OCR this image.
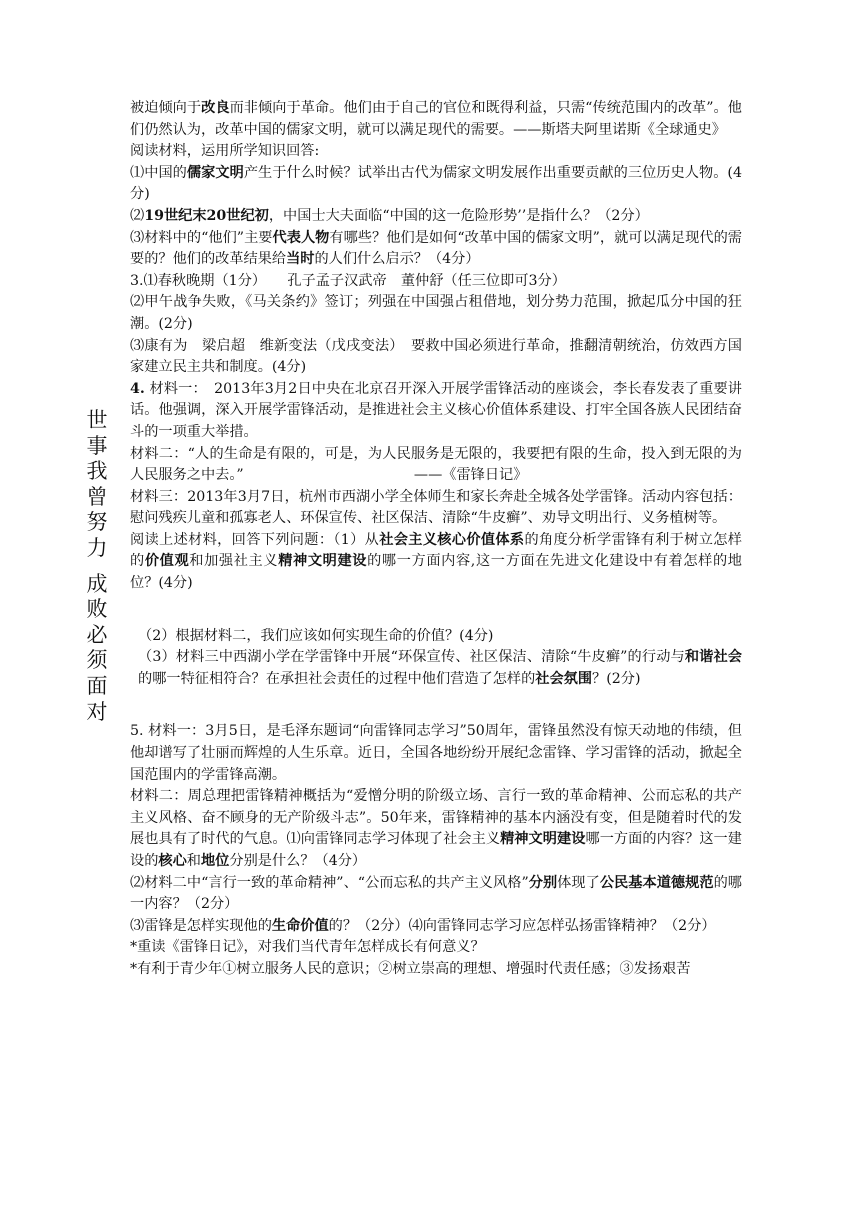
世
事
我
曾
努
力
成
败
必
须
面
对

被迫倾向于改良而非倾向于革命。他们由于自己的官位和既得利益，只需“传统范围内的改革”。他们仍然认为，改革中国的儒家文明，就可以满足现代的需要。——斯塔夫阿里诺斯《全球通史》

阅读材料，运用所学知识回答:

⑴中国的儒家文明产生于什么时候？试举出古代为儒家文明发展作出重要贡献的三位历史人物。(4分)

⑵19世纪末20世纪初，中国士大夫面临“中国的这一危险形势’’是指什么？（2分）

⑶材料中的“他们”主要代表人物有哪些？他们是如何“改革中国的儒家文明”，就可以满足现代的需要的？他们的改革结果给当时的人们什么启示？（4分）

3.⑴春秋晚期（1分）　　孔子孟子汉武帝　董仲舒（任三位即可3分）

⑵甲午战争失败，《马关条约》签订；列强在中国强占租借地，划分势力范围，掀起瓜分中国的狂潮。(2分)

⑶康有为　梁启超　维新变法（戊戌变法）　要救中国必须进行革命，推翻清朝统治，仿效西方国家建立民主共和制度。(4分)

4. 材料一：　2013年3月2日中央在北京召开深入开展学雷锋活动的座谈会，李长春发表了重要讲话。他强调，深入开展学雷锋活动，是推进社会主义核心价值体系建设、打牢全国各族人民团结奋斗的一项重大举措。

材料二：“人的生命是有限的，可是，为人民服务是无限的，我要把有限的生命，投入到无限的为人民服务之中去。”　　　　　　　　　　　　——《雷锋日记》

材料三：2013年3月7日，杭州市西湖小学全体师生和家长奔赴全城各处学雷锋。活动内容包括：慰问残疾儿童和孤寡老人、环保宣传、社区保洁、清除“牛皮癣”、劝导文明出行、义务植树等。

阅读上述材料，回答下列问题：（1）从社会主义核心价值体系的角度分析学雷锋有利于树立怎样的价值观和加强社主义精神文明建设的哪一方面内容,这一方面在先进文化建设中有着怎样的地位？(4分)

（2）根据材料二，我们应该如何实现生命的价值？(4分)

（3）材料三中西湖小学在学雷锋中开展“环保宣传、社区保洁、清除“牛皮癣”的行动与和谐社会的哪一特征相符合？在承担社会责任的过程中他们营造了怎样的社会氛围？(2分)

5. 材料一：3月5日，是毛泽东题词“向雷锋同志学习”50周年，雷锋虽然没有惊天动地的伟绩，但他却谱写了壮丽而辉煌的人生乐章。近日，全国各地纷纷开展纪念雷锋、学习雷锋的活动，掀起全国范围内的学雷锋高潮。

材料二：周总理把雷锋精神概括为“爱憎分明的阶级立场、言行一致的革命精神、公而忘私的共产主义风格、奋不顾身的无产阶级斗志”。50年来，雷锋精神的基本内涵没有变，但是随着时代的发展也具有了时代的气息。⑴向雷锋同志学习体现了社会主义精神文明建设哪一方面的内容？这一建设的核心和地位分别是什么？（4分）

⑵材料二中“言行一致的革命精神”、“公而忘私的共产主义风格”分别体现了公民基本道德规范的哪一内容？（2分）

⑶雷锋是怎样实现他的生命价值的？（2分）⑷向雷锋同志学习应怎样弘扬雷锋精神？（2分）

*重读《雷锋日记》，对我们当代青年怎样成长有何意义？

*有利于青少年①树立服务人民的意识；②树立崇高的理想、增强时代责任感；③发扬艰苦
